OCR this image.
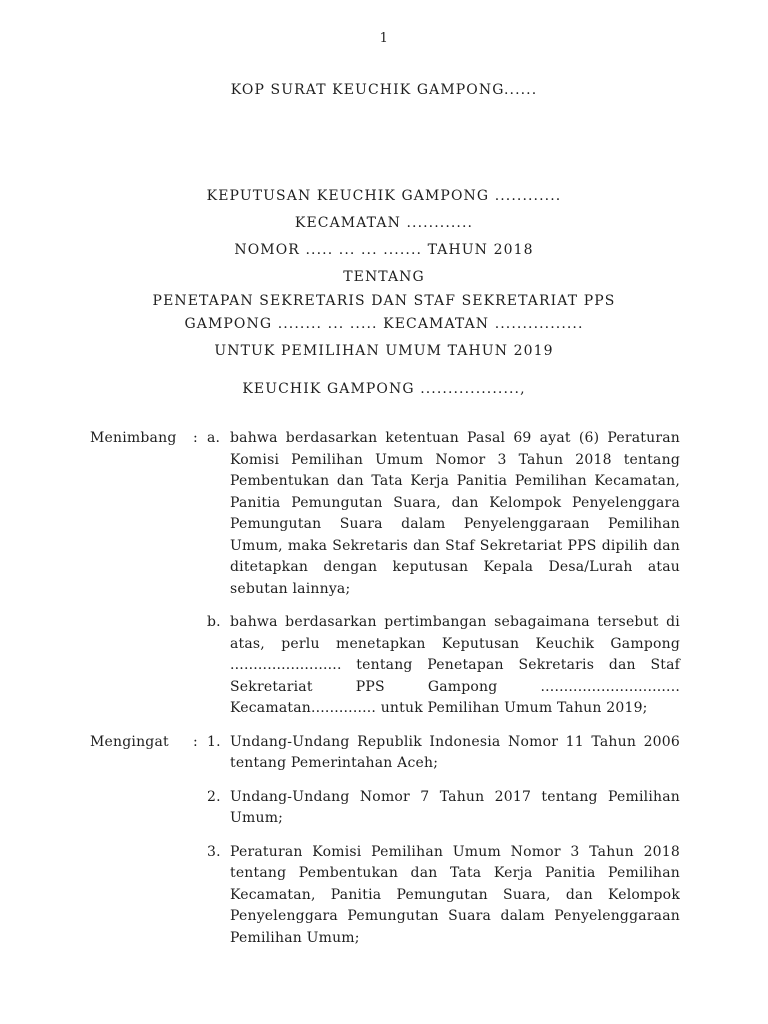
1
KOP SURAT KEUCHIK GAMPONG......
KEPUTUSAN KEUCHIK GAMPONG ............
KECAMATAN ............
NOMOR ..... ... ... ....... TAHUN 2018
TENTANG
PENETAPAN SEKRETARIS DAN STAF SEKRETARIAT PPS
GAMPONG ........ ... ..... KECAMATAN ................
UNTUK PEMILIHAN UMUM TAHUN 2019
KEUCHIK GAMPONG ..................,
Menimbang	: a. bahwa berdasarkan ketentuan Pasal 69 ayat (6) Peraturan Komisi Pemilihan Umum Nomor 3 Tahun 2018 tentang Pembentukan dan Tata Kerja Panitia Pemilihan Kecamatan, Panitia Pemungutan Suara, dan Kelompok Penyelenggara Pemungutan Suara dalam Penyelenggaraan Pemilihan Umum, maka Sekretaris dan Staf Sekretariat PPS dipilih dan ditetapkan dengan keputusan Kepala Desa/Lurah atau sebutan lainnya;
b. bahwa berdasarkan pertimbangan sebagaimana tersebut di atas, perlu menetapkan Keputusan Keuchik Gampong ........................ tentang Penetapan Sekretaris dan Staf Sekretariat PPS Gampong .............................. Kecamatan.............. untuk Pemilihan Umum Tahun 2019;
Mengingat	: 1. Undang-Undang Republik Indonesia Nomor 11 Tahun 2006 tentang Pemerintahan Aceh;
2. Undang-Undang Nomor 7 Tahun 2017 tentang Pemilihan Umum;
3. Peraturan Komisi Pemilihan Umum Nomor 3 Tahun 2018 tentang Pembentukan dan Tata Kerja Panitia Pemilihan Kecamatan, Panitia Pemungutan Suara, dan Kelompok Penyelenggara Pemungutan Suara dalam Penyelenggaraan Pemilihan Umum;
